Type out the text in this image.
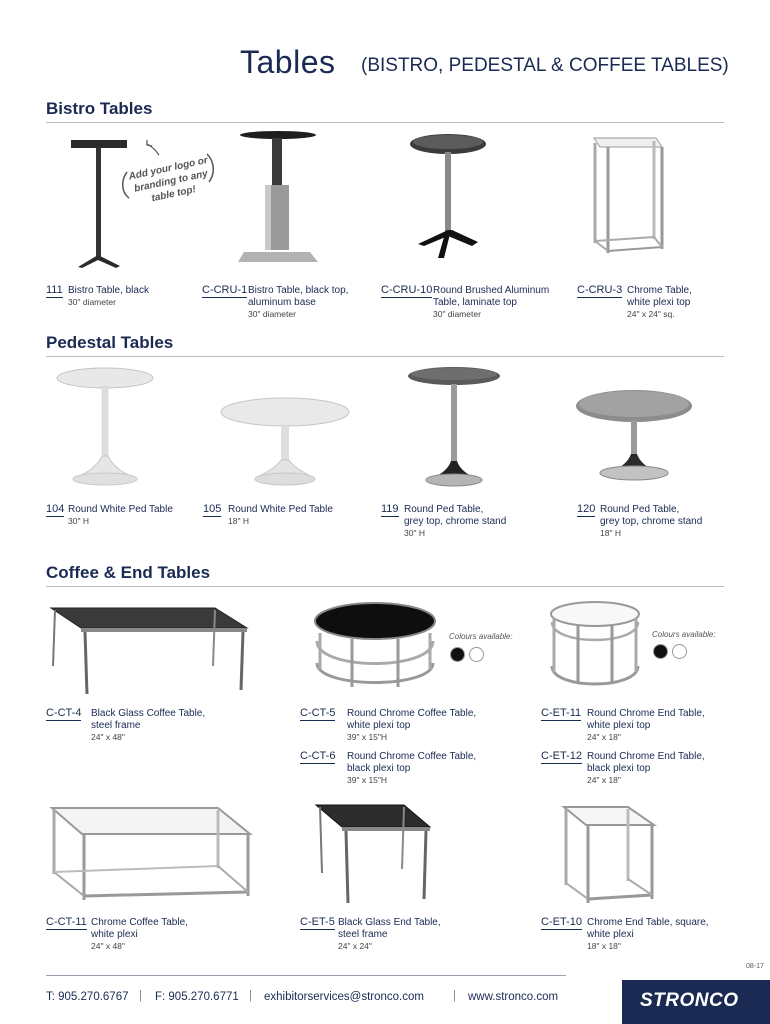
Tables (BISTRO, PEDESTAL & COFFEE TABLES)
Bistro Tables
Add your logo or branding to any table top!
111 Bistro Table, black
30" diameter
C-CRU-1 Bistro Table, black top,
aluminum base
30" diameter
C-CRU-10 Round Brushed Aluminum
Table, laminate top
30" diameter
C-CRU-3 Chrome Table,
white plexi top
24" x 24" sq.
Pedestal Tables
104 Round White Ped Table
30" H
105 Round White Ped Table
18" H
119 Round Ped Table,
grey top, chrome stand
30" H
120 Round Ped Table,
grey top, chrome stand
18" H
Coffee & End Tables
Colours available:	Colours available:
C-CT-4 Black Glass Coffee Table,
steel frame
24" x 48"
C-CT-5 Round Chrome Coffee Table,
white plexi top
39" x 15"H
C-CT-6 Round Chrome Coffee Table,
black plexi top
39" x 15"H
C-ET-11 Round Chrome End Table,
white plexi top
24" x 18"
C-ET-12 Round Chrome End Table,
black plexi top
24" x 18"
C-CT-11 Chrome Coffee Table,
white plexi
24" x 48"
C-ET-5 Black Glass End Table,
steel frame
24" x 24"
C-ET-10 Chrome End Table, square,
white plexi
18" x 18"
08-17
T: 905.270.6767 | F: 905.270.6771 | exhibitorservices@stronco.com	| www.stronco.com	STRONCO
